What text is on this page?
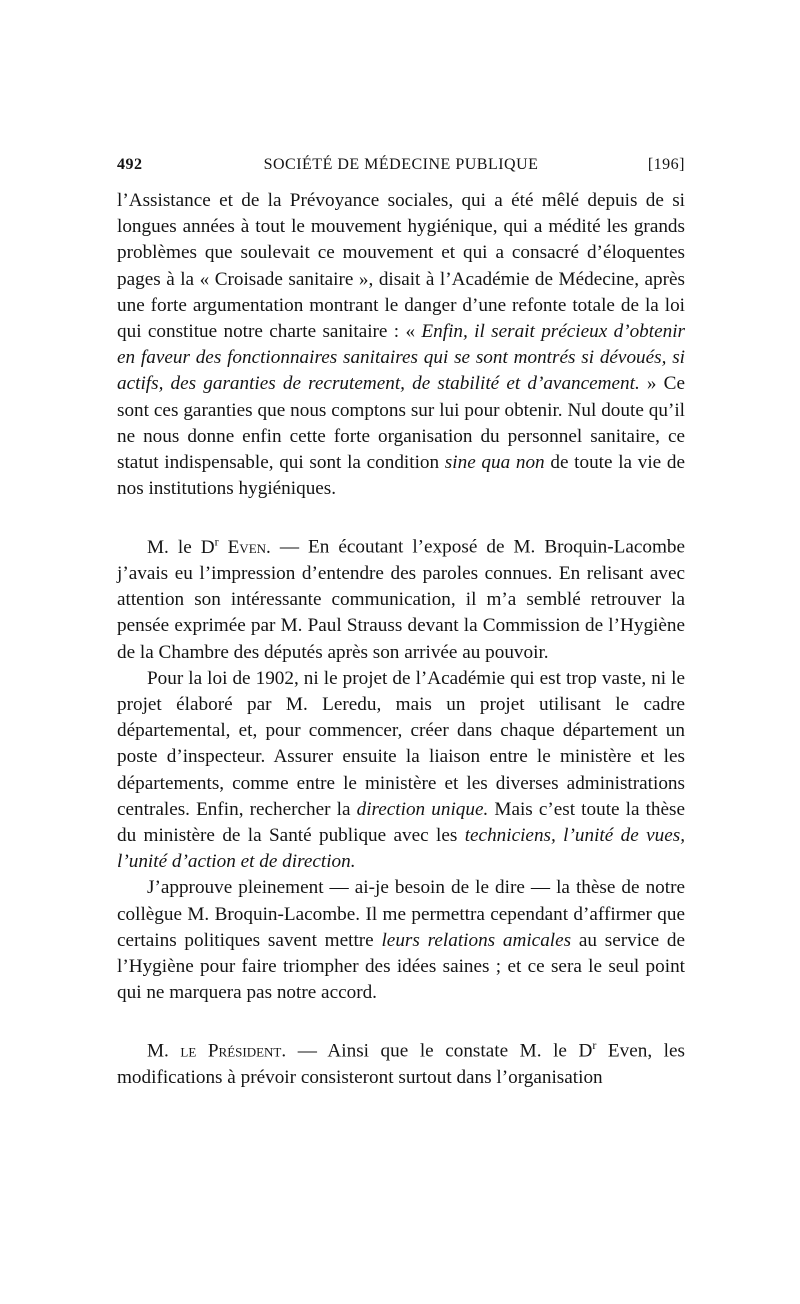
492	SOCIÉTÉ DE MÉDECINE PUBLIQUE	[196]

l’Assistance et de la Prévoyance sociales, qui a été mêlé depuis de si longues années à tout le mouvement hygiénique, qui a médité les grands problèmes que soulevait ce mouvement et qui a consacré d’éloquentes pages à la « Croisade sanitaire », disait à l’Académie de Médecine, après une forte argumentation montrant le danger d’une refonte totale de la loi qui constitue notre charte sanitaire : « Enfin, il serait précieux d’obtenir en faveur des fonctionnaires sanitaires qui se sont montrés si dévoués, si actifs, des garanties de recrutement, de stabilité et d’avancement. » Ce sont ces garanties que nous comptons sur lui pour obtenir. Nul doute qu’il ne nous donne enfin cette forte organisation du personnel sanitaire, ce statut indispensable, qui sont la condition sine qua non de toute la vie de nos institutions hygiéniques.

M. le $D^r$ Even. — En écoutant l’exposé de M. Broquin-Lacombe j’avais eu l’impression d’entendre des paroles connues. En relisant avec attention son intéressante communication, il m’a semblé retrouver la pensée exprimée par M. Paul Strauss devant la Commission de l’Hygiène de la Chambre des députés après son arrivée au pouvoir.

Pour la loi de 1902, ni le projet de l’Académie qui est trop vaste, ni le projet élaboré par M. Leredu, mais un projet utilisant le cadre départemental, et, pour commencer, créer dans chaque département un poste d’inspecteur. Assurer ensuite la liaison entre le ministère et les départements, comme entre le ministère et les diverses administrations centrales. Enfin, rechercher la direction unique. Mais c’est toute la thèse du ministère de la Santé publique avec les techniciens, l’unité de vues, l’unité d’action et de direction.

J’approuve pleinement — ai-je besoin de le dire — la thèse de notre collègue M. Broquin-Lacombe. Il me permettra cependant d’affirmer que certains politiques savent mettre leurs relations amicales au service de l’Hygiène pour faire triompher des idées saines ; et ce sera le seul point qui ne marquera pas notre accord.

M. le Président. — Ainsi que le constate M. le $D^r$ Even, les modifications à prévoir consisteront surtout dans l’organisation
